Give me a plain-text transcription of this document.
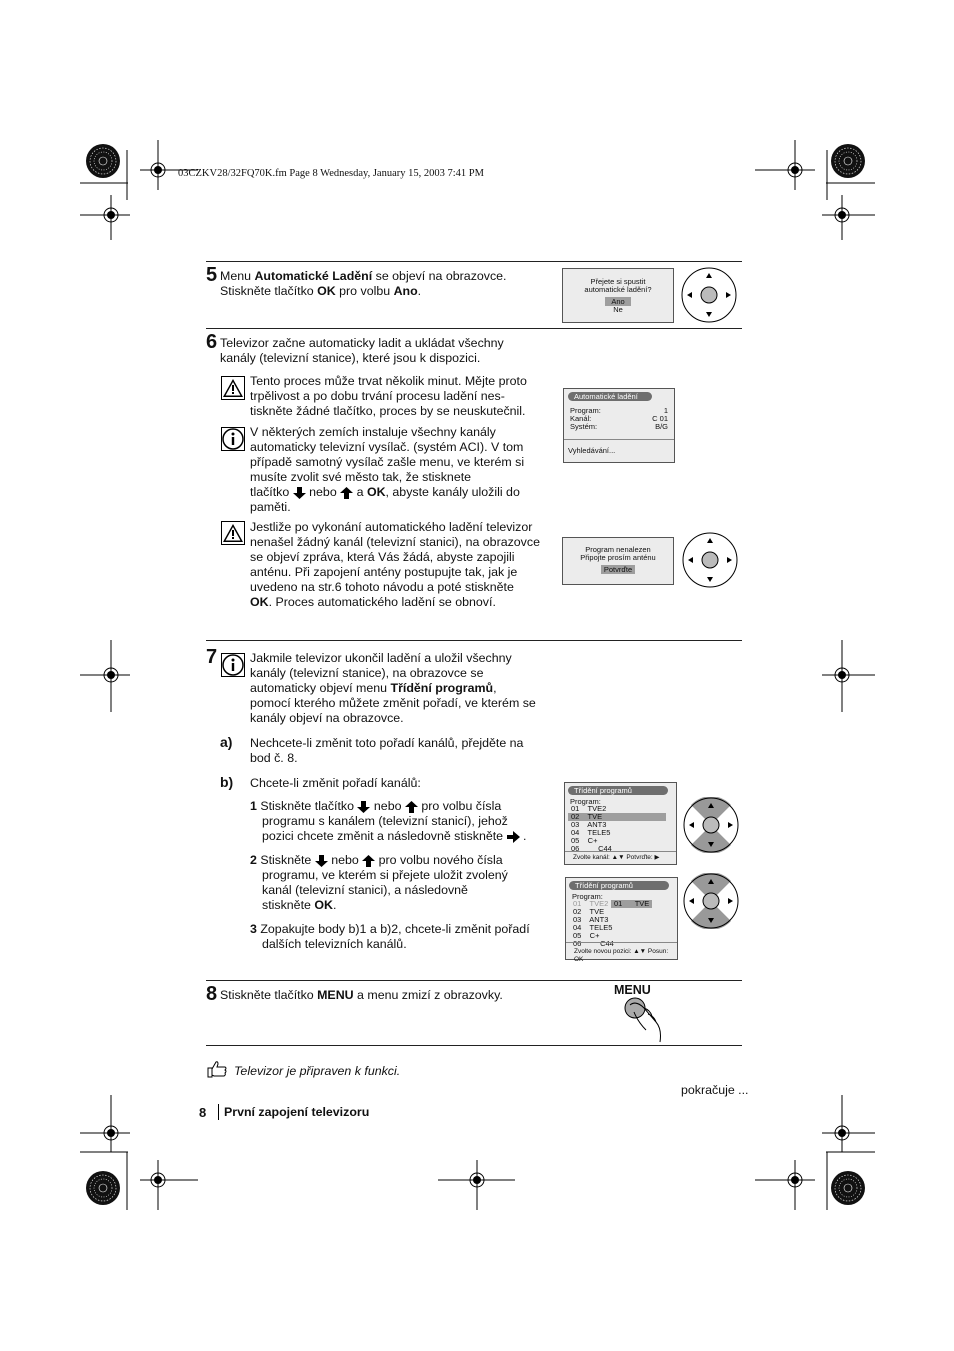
03CZKV28/32FQ70K.fm Page 8 Wednesday, January 15, 2003 7:41 PM
5 Menu Automatické Ladění se objeví na obrazovce.
Stiskněte tlačítko OK pro volbu Ano.
Přejete si spustit
automatické ladění?
Ano
Ne
6 Televizor začne automaticky ladit a ukládat všechny
kanály (televizní stanice), které jsou k dispozici.
Tento proces může trvat několik minut. Mějte proto
trpělivost a po dobu trvání procesu ladění nes-
tiskněte žádné tlačítko, proces by se neuskutečnil.
V některých zemích instaluje všechny kanály
automaticky televizní vysílač. (systém ACI). V tom
případě samotný vysílač zašle menu, ve kterém si
musíte zvolit své město tak, že stisknete
tlačítko  nebo  a OK, abyste kanály uložili do
paměti.
Jestliže po vykonání automatického ladění televizor
nenašel žádný kanál (televizní stanici), na obrazovce
se objeví zpráva, která Vás žádá, abyste zapojili
anténu. Při zapojení antény postupujte tak, jak je
uvedeno na str.6 tohoto návodu a poté stiskněte
OK. Proces automatického ladění se obnoví.
Automatické ladění
Program:	1
Kanál:	C 01
Systém:	B/G
Vyhledávání...
Program nenalezen
Připojte prosím anténu
Potvrďte
7	Jakmile televizor ukončil ladění a uložil všechny
kanály (televizní stanice), na obrazovce se
automaticky objeví menu Třídění programů,
pomocí kterého můžete změnit pořadí, ve kterém se
kanály objeví na obrazovce.
a) Nechcete-li změnit toto pořadí kanálů, přejděte na
bod č. 8.
b) Chcete-li změnit pořadí kanálů:
1 Stiskněte tlačítko  nebo  pro volbu čísla
programu s kanálem (televizní stanicí), jehož
pozici chcete změnit a následovně stiskněte  .
2 Stiskněte  nebo  pro volbu nového čísla
programu, ve kterém si přejete uložit zvolený
kanál (televizní stanici), a následovně
stiskněte OK.
3 Zopakujte body b)1 a b)2, chcete-li změnit pořadí
dalších televizních kanálů.
Třídění programů
Program:
01    TVE2
02    TVE
03    ANT3
04    TELE5
05    C+
06         C44
Zvolte kanál: ▲▼ Potvrďte: ▶
Třídění programů
Program:
01    TVE2
02    TVE
03    ANT3
04    TELE5
05    C+
06         C44
01      TVE
Zvolte novou pozici: ▲▼ Posun: OK
8 Stiskněte tlačítko MENU a menu zmizí z obrazovky.	MENU
Televizor je připraven k funkci.
pokračuje ...
8 První zapojení televizoru
